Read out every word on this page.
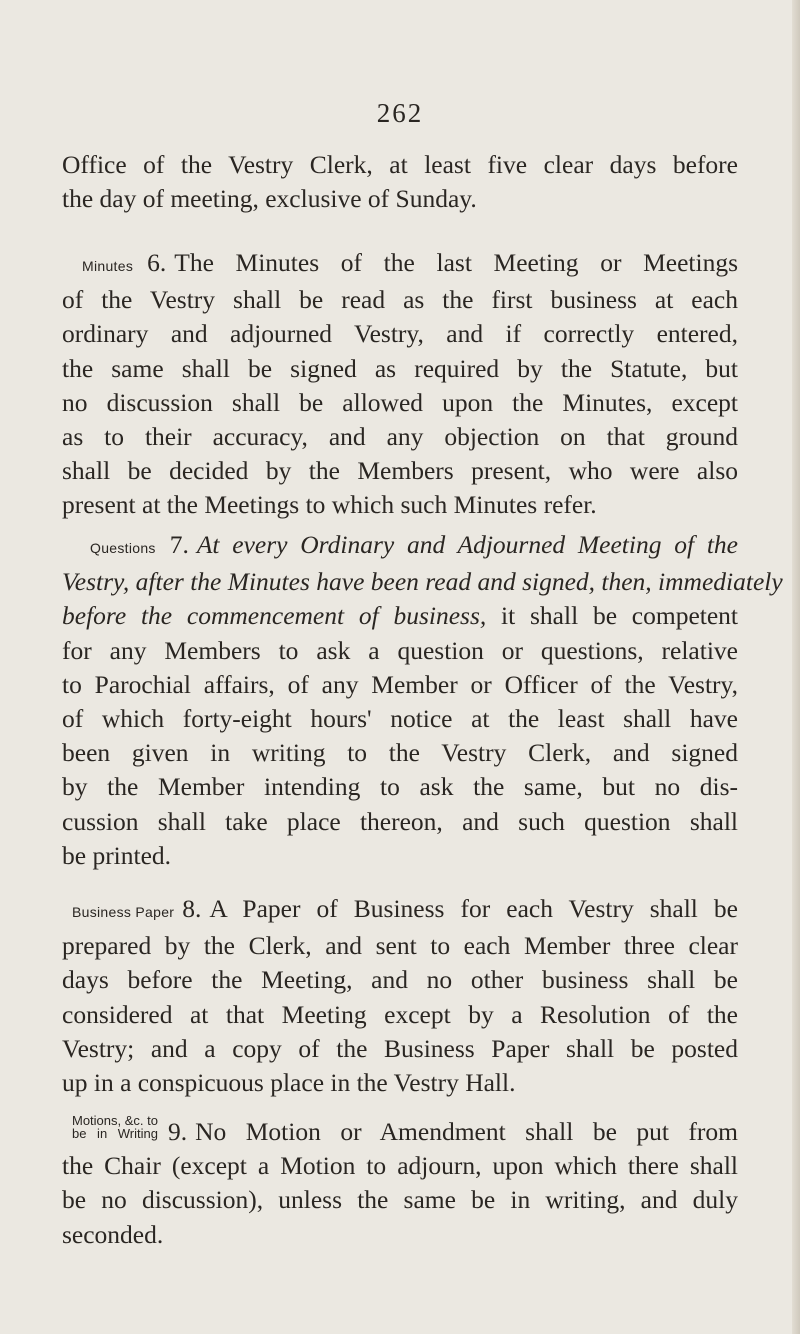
262
Office of the Vestry Clerk, at least five clear days before
the day of meeting, exclusive of Sunday.
Minutes 6. The Minutes of the last Meeting or Meetings
of the Vestry shall be read as the first business at each
ordinary and adjourned Vestry, and if correctly entered,
the same shall be signed as required by the Statute, but
no discussion shall be allowed upon the Minutes, except
as to their accuracy, and any objection on that ground
shall be decided by the Members present, who were also
present at the Meetings to which such Minutes refer.
Questions 7. At every Ordinary and Adjourned Meeting of the
Vestry, after the Minutes have been read and signed, then, immediately
before the commencement of business, it shall be competent
for any Members to ask a question or questions, relative
to Parochial affairs, of any Member or Officer of the Vestry,
of which forty-eight hours' notice at the least shall have
been given in writing to the Vestry Clerk, and signed
by the Member intending to ask the same, but no dis-
cussion shall take place thereon, and such question shall
be printed.
Business Paper 8. A Paper of Business for each Vestry shall be
prepared by the Clerk, and sent to each Member three clear
days before the Meeting, and no other business shall be
considered at that Meeting except by a Resolution of the
Vestry; and a copy of the Business Paper shall be posted
up in a conspicuous place in the Vestry Hall.
Motions, &c. to
be in Writing 9. No Motion or Amendment shall be put from
the Chair (except a Motion to adjourn, upon which there shall
be no discussion), unless the same be in writing, and duly
seconded.
